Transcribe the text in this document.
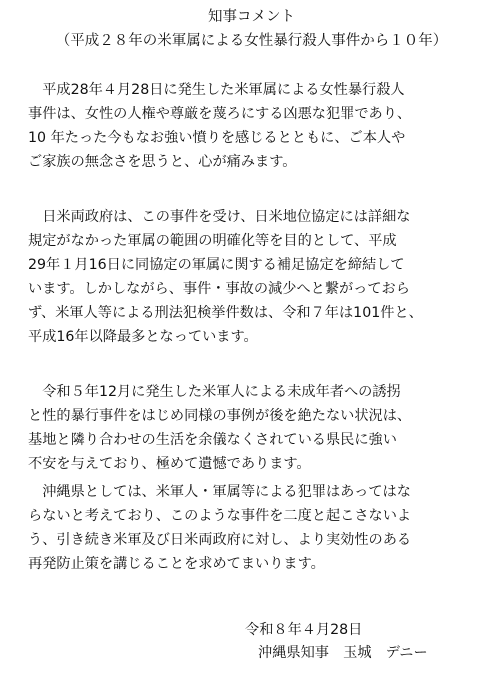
知事コメント
（平成２８年の米軍属による女性暴行殺人事件から１０年）
　平成28年４月28日に発生した米軍属による女性暴行殺人
事件は、女性の人権や尊厳を蔑ろにする凶悪な犯罪であり、
10 年たった今もなお強い憤りを感じるとともに、ご本人や
ご家族の無念さを思うと、心が痛みます。
　日米両政府は、この事件を受け、日米地位協定には詳細な
規定がなかった軍属の範囲の明確化等を目的として、平成
29年１月16日に同協定の軍属に関する補足協定を締結して
います。しかしながら、事件・事故の減少へと繋がっておら
ず、米軍人等による刑法犯検挙件数は、令和７年は101件と、
平成16年以降最多となっています。
　令和５年12月に発生した米軍人による未成年者への誘拐
と性的暴行事件をはじめ同様の事例が後を絶たない状況は、
基地と隣り合わせの生活を余儀なくされている県民に強い
不安を与えており、極めて遺憾であります。
　沖縄県としては、米軍人・軍属等による犯罪はあってはな
らないと考えており、このような事件を二度と起こさないよ
う、引き続き米軍及び日米両政府に対し、より実効性のある
再発防止策を講じることを求めてまいります。
令和８年４月28日
沖縄県知事　玉城　デニー
